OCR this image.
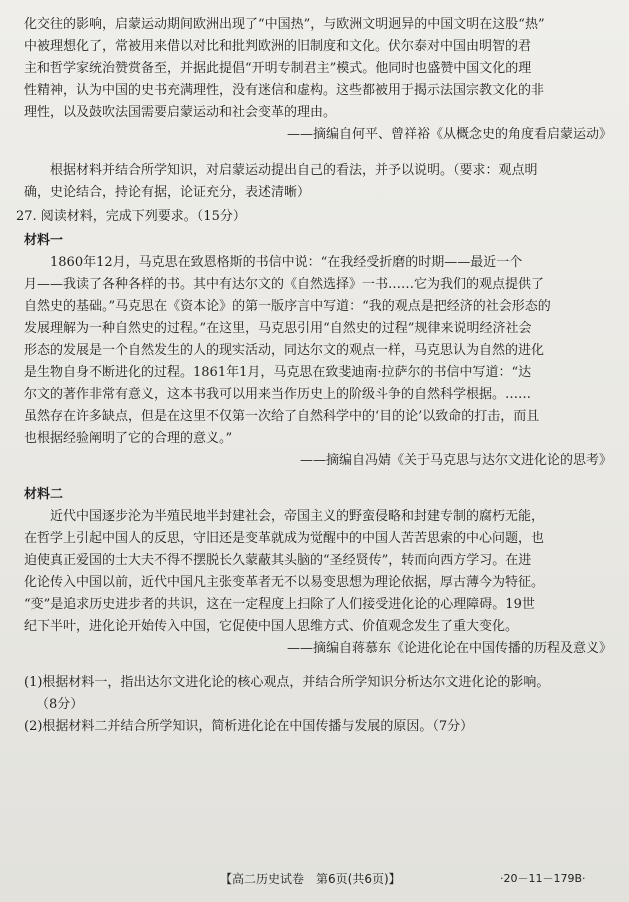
化交往的影响，启蒙运动期间欧洲出现了“中国热”，与欧洲文明迥异的中国文明在这股“热”

中被理想化了，常被用来借以对比和批判欧洲的旧制度和文化。伏尔泰对中国由明智的君

主和哲学家统治赞赏备至，并据此提倡“开明专制君主”模式。他同时也盛赞中国文化的理

性精神，认为中国的史书充满理性，没有迷信和虚构。这些都被用于揭示法国宗教文化的非

理性，以及鼓吹法国需要启蒙运动和社会变革的理由。

——摘编自何平、曾祥裕《从概念史的角度看启蒙运动》

根据材料并结合所学知识，对启蒙运动提出自己的看法，并予以说明。（要求：观点明

确，史论结合，持论有据，论证充分，表述清晰）

27. 阅读材料，完成下列要求。（15分）

材料一

1860年12月，马克思在致恩格斯的书信中说：“在我经受折磨的时期——最近一个

月——我读了各种各样的书。其中有达尔文的《自然选择》一书……它为我们的观点提供了

自然史的基础。”马克思在《资本论》的第一版序言中写道：“我的观点是把经济的社会形态的

发展理解为一种自然史的过程。”在这里，马克思引用“自然史的过程”规律来说明经济社会

形态的发展是一个自然发生的人的现实活动，同达尔文的观点一样，马克思认为自然的进化

是生物自身不断进化的过程。1861年1月，马克思在致斐迪南·拉萨尔的书信中写道：“达

尔文的著作非常有意义，这本书我可以用来当作历史上的阶级斗争的自然科学根据。……

虽然存在许多缺点，但是在这里不仅第一次给了自然科学中的‘目的论’以致命的打击，而且

也根据经验阐明了它的合理的意义。”

——摘编自冯婧《关于马克思与达尔文进化论的思考》

材料二

近代中国逐步沦为半殖民地半封建社会，帝国主义的野蛮侵略和封建专制的腐朽无能，

在哲学上引起中国人的反思，守旧还是变革就成为觉醒中的中国人苦苦思索的中心问题，也

迫使真正爱国的士大夫不得不摆脱长久蒙蔽其头脑的“圣经贤传”，转而向西方学习。在进

化论传入中国以前，近代中国凡主张变革者无不以易变思想为理论依据，厚古薄今为特征。

“变”是追求历史进步者的共识，这在一定程度上扫除了人们接受进化论的心理障碍。19世

纪下半叶，进化论开始传入中国，它促使中国人思维方式、价值观念发生了重大变化。

——摘编自蒋慕东《论进化论在中国传播的历程及意义》

(1)根据材料一，指出达尔文进化论的核心观点，并结合所学知识分析达尔文进化论的影响。

（8分）

(2)根据材料二并结合所学知识，简析进化论在中国传播与发展的原因。（7分）

【高二历史试卷　第6页(共6页)】	·20－11－179B·
